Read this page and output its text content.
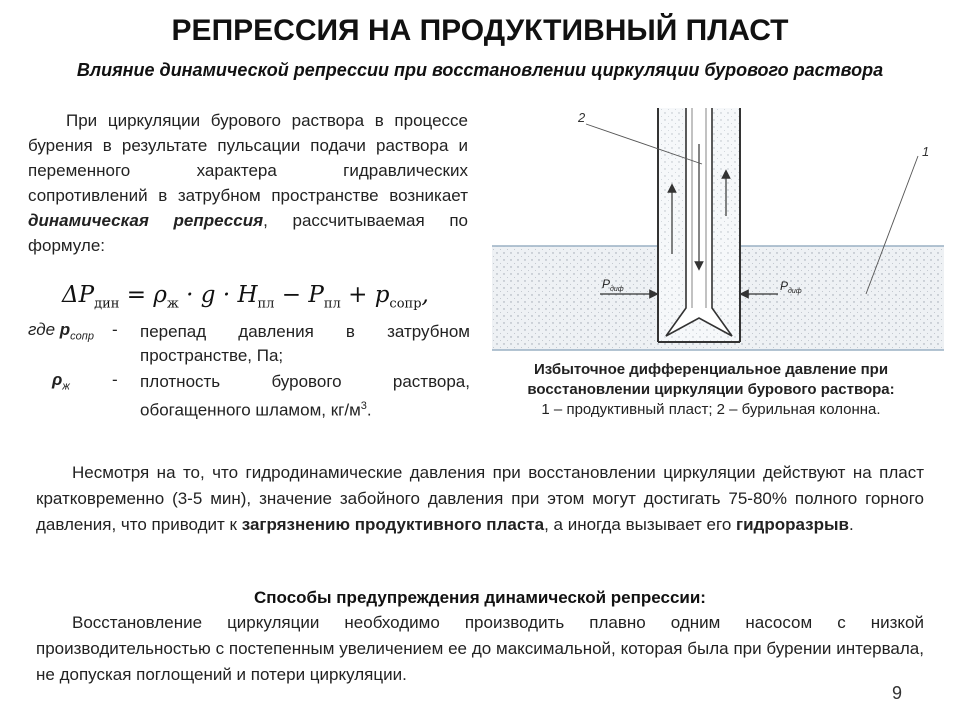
РЕПРЕССИЯ НА ПРОДУКТИВНЫЙ ПЛАСТ
Влияние динамической репрессии при восстановлении циркуляции бурового раствора
При циркуляции бурового раствора в процессе бурения в результате пульсации подачи раствора и переменного характера гидравлических сопротивлений в затрубном пространстве возникает динамическая репрессия, рассчитываемая по формуле:
$\Delta P_{дин} = \rho_ж \cdot g \cdot H_{пл} - P_{пл} + p_{сопр}$,
где $p_{сопр}$	- перепад давления в затрубном пространстве, Па;
$\rho_ж$	- плотность бурового раствора, обогащенного шламом, $кг/м^3$.
$P_{диф}$	$P_{диф}$
2
1
Избыточное дифференциальное давление при восстановлении циркуляции бурового раствора:
1 – продуктивный пласт; 2 – бурильная колонна.
Несмотря на то, что гидродинамические давления при восстановлении циркуляции действуют на пласт кратковременно (3-5 мин), значение забойного давления при этом могут достигать 75-80% полного горного давления, что приводит к загрязнению продуктивного пласта, а иногда вызывает его гидроразрыв.
Способы предупреждения динамической репрессии:
Восстановление циркуляции необходимо производить плавно одним насосом с низкой производительностью с постепенным увеличением ее до максимальной, которая была при бурении интервала, не допуская поглощений и потери циркуляции.
9
